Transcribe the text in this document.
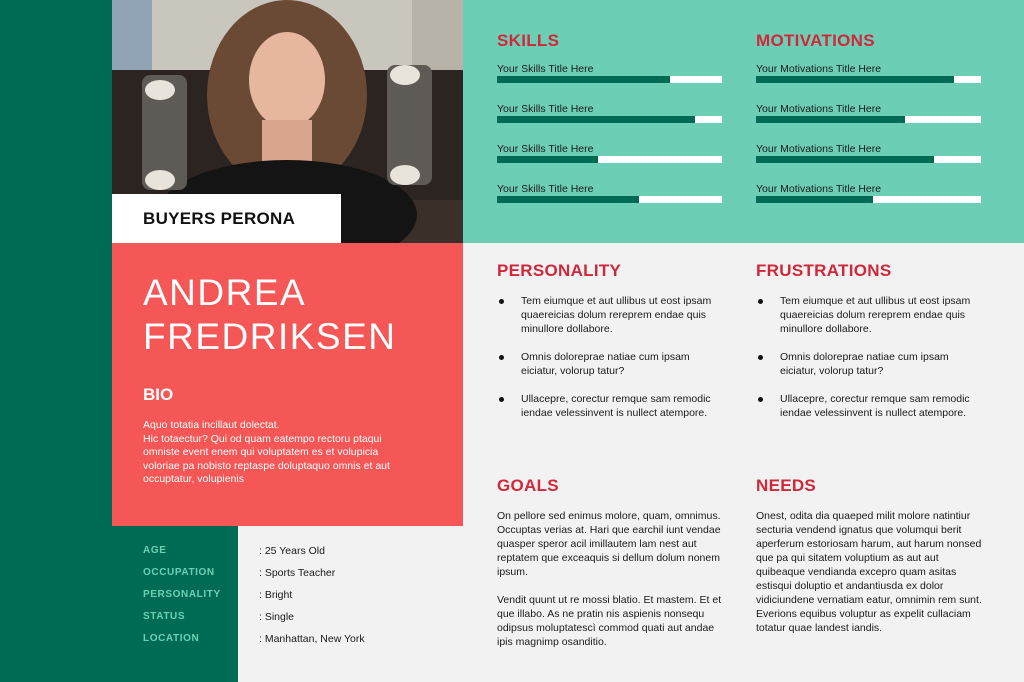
BUYERS PERONA
ANDREA
FREDRIKSEN
BIO
Aquo totatia incillaut dolectat.
Hic totaectur? Qui od quam eatempo rectoru ptaqui
omniste event enem qui voluptatem es et volupicia
voloriae pa nobisto reptaspe doluptaquo omnis et aut
occuptatur, volupienis
SKILLS
Your Skills Title Here
Your Skills Title Here
Your Skills Title Here
Your Skills Title Here
MOTIVATIONS
Your Motivations Title Here
Your Motivations Title Here
Your Motivations Title Here
Your Motivations Title Here
PERSONALITY
Tem eiumque et aut ullibus ut eost ipsam quaereicias dolum rereprem endae quis minullore dollabore.
Omnis doloreprae natiae cum ipsam eiciatur, volorup tatur?
Ullacepre, corectur remque sam remodic iendae velessinvent is nullect atempore.
FRUSTRATIONS
Tem eiumque et aut ullibus ut eost ipsam quaereicias dolum rereprem endae quis minullore dollabore.
Omnis doloreprae natiae cum ipsam eiciatur, volorup tatur?
Ullacepre, corectur remque sam remodic iendae velessinvent is nullect atempore.
GOALS

On pellore sed enimus molore, quam, omnimus. Occuptas verias at. Hari que earchil iunt vendae quasper speror acil imillautem lam nest aut reptatem que exceaquis si dellum dolum nonem ipsum.

Vendit quunt ut re mossi blatio. Et mastem. Et et que illabo. As ne pratin nis aspienis nonsequ odipsus moluptatescì commod quati aut andae ipis magnimp osanditio.

NEEDS

Onest, odita dia quaeped milit molore natintiur secturia vendend ignatus que volumqui berit aperferum estoriosam harum, aut harum nonsed que pa qui sitatem voluptium as aut aut quibeaque vendianda excepro quam asitas estisqui doluptio et andantiusda ex dolor vidiciundene vernatiam eatur, omnimin rem sunt. Everions equibus voluptur as expelit cullaciam totatur quae landest iandis.

AGE	: 25 Years Old
OCCUPATION	: Sports Teacher
PERSONALITY	: Bright
STATUS	: Single
LOCATION	: Manhattan, New York
